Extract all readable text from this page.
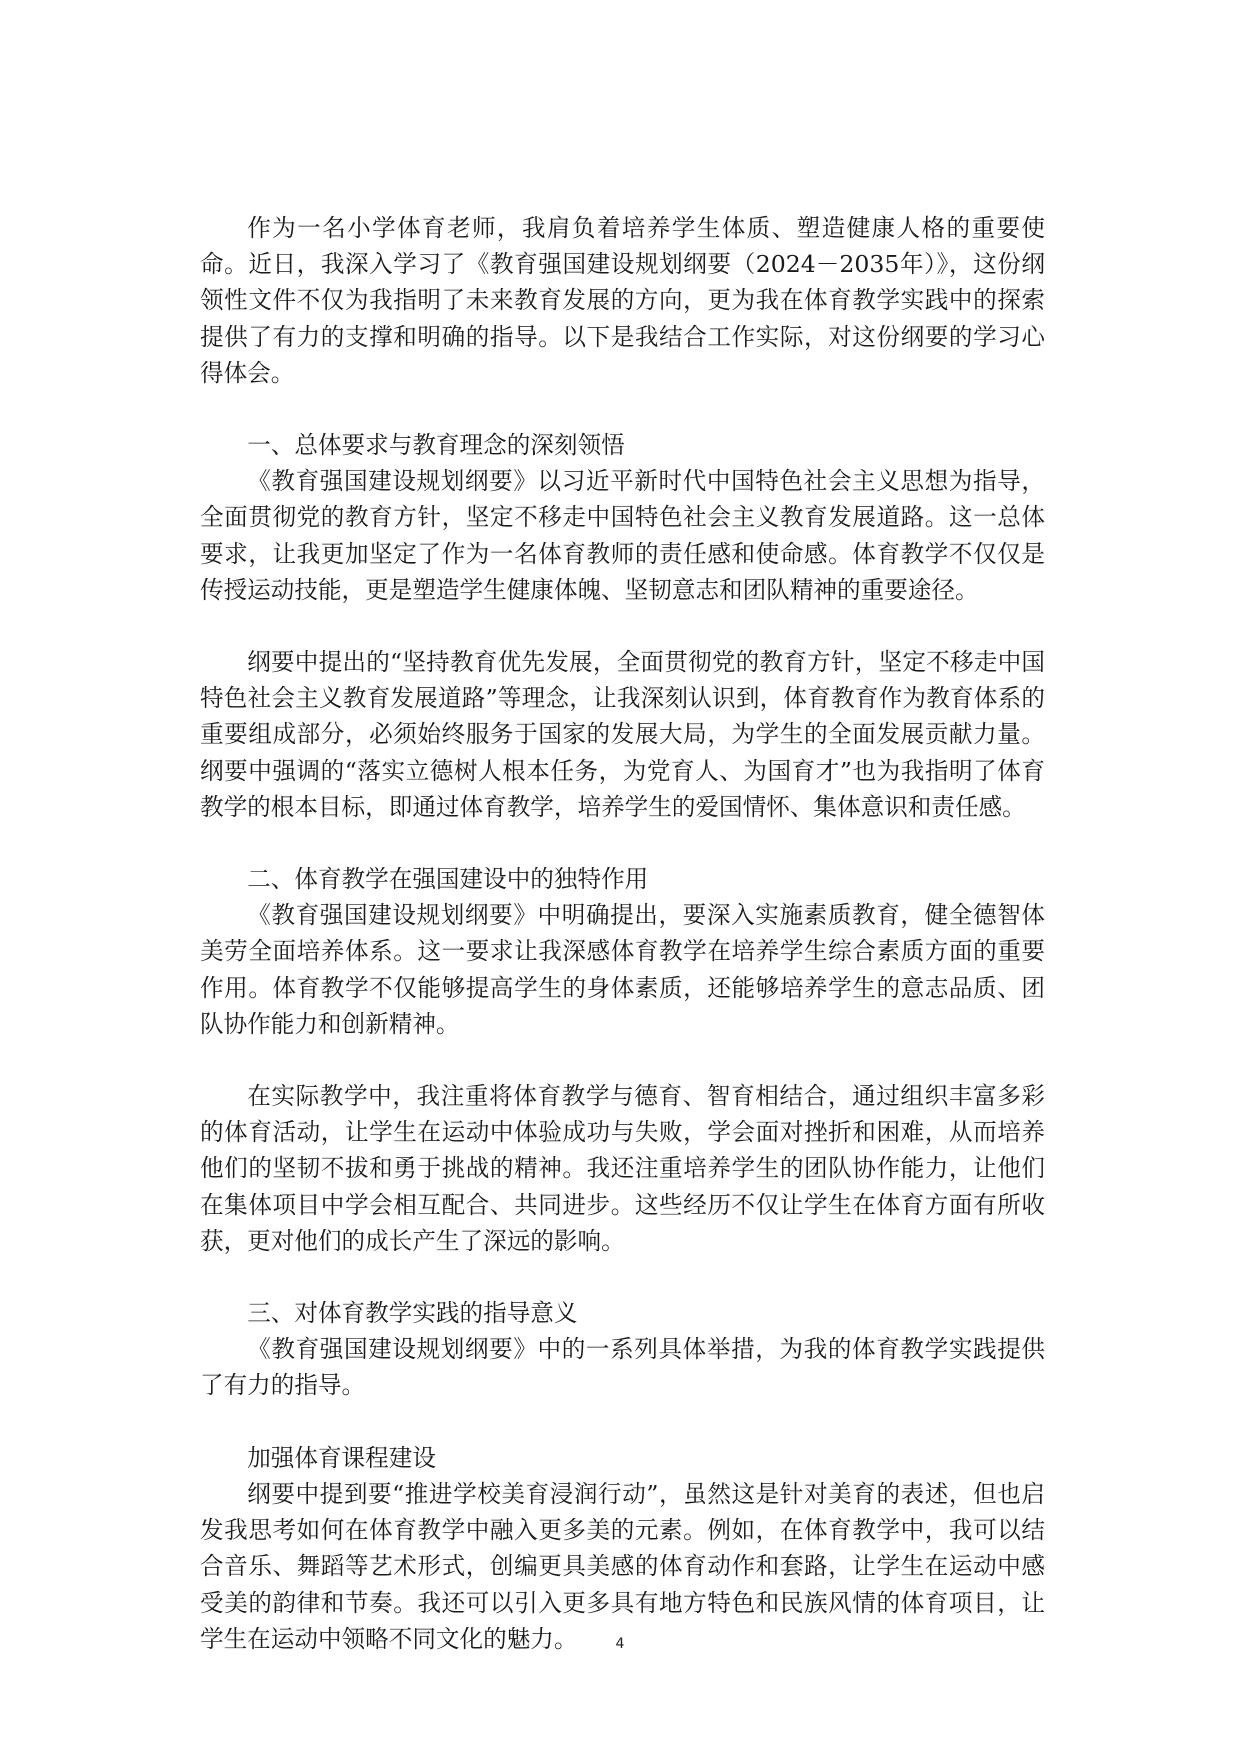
作为一名小学体育老师，我肩负着培养学生体质、塑造健康人格的重要使命。近日，我深入学习了《教育强国建设规划纲要（2024－2035年）》，这份纲领性文件不仅为我指明了未来教育发展的方向，更为我在体育教学实践中的探索提供了有力的支撑和明确的指导。以下是我结合工作实际，对这份纲要的学习心得体会。

一、总体要求与教育理念的深刻领悟

《教育强国建设规划纲要》以习近平新时代中国特色社会主义思想为指导，全面贯彻党的教育方针，坚定不移走中国特色社会主义教育发展道路。这一总体要求，让我更加坚定了作为一名体育教师的责任感和使命感。体育教学不仅仅是传授运动技能，更是塑造学生健康体魄、坚韧意志和团队精神的重要途径。

纲要中提出的“坚持教育优先发展，全面贯彻党的教育方针，坚定不移走中国特色社会主义教育发展道路”等理念，让我深刻认识到，体育教育作为教育体系的重要组成部分，必须始终服务于国家的发展大局，为学生的全面发展贡献力量。纲要中强调的“落实立德树人根本任务，为党育人、为国育才”也为我指明了体育教学的根本目标，即通过体育教学，培养学生的爱国情怀、集体意识和责任感。

二、体育教学在强国建设中的独特作用

《教育强国建设规划纲要》中明确提出，要深入实施素质教育，健全德智体美劳全面培养体系。这一要求让我深感体育教学在培养学生综合素质方面的重要作用。体育教学不仅能够提高学生的身体素质，还能够培养学生的意志品质、团队协作能力和创新精神。

在实际教学中，我注重将体育教学与德育、智育相结合，通过组织丰富多彩的体育活动，让学生在运动中体验成功与失败，学会面对挫折和困难，从而培养他们的坚韧不拔和勇于挑战的精神。我还注重培养学生的团队协作能力，让他们在集体项目中学会相互配合、共同进步。这些经历不仅让学生在体育方面有所收获，更对他们的成长产生了深远的影响。

三、对体育教学实践的指导意义

《教育强国建设规划纲要》中的一系列具体举措，为我的体育教学实践提供了有力的指导。

加强体育课程建设

纲要中提到要“推进学校美育浸润行动”，虽然这是针对美育的表述，但也启发我思考如何在体育教学中融入更多美的元素。例如，在体育教学中，我可以结合音乐、舞蹈等艺术形式，创编更具美感的体育动作和套路，让学生在运动中感受美的韵律和节奏。我还可以引入更多具有地方特色和民族风情的体育项目，让学生在运动中领略不同文化的魅力。	4
